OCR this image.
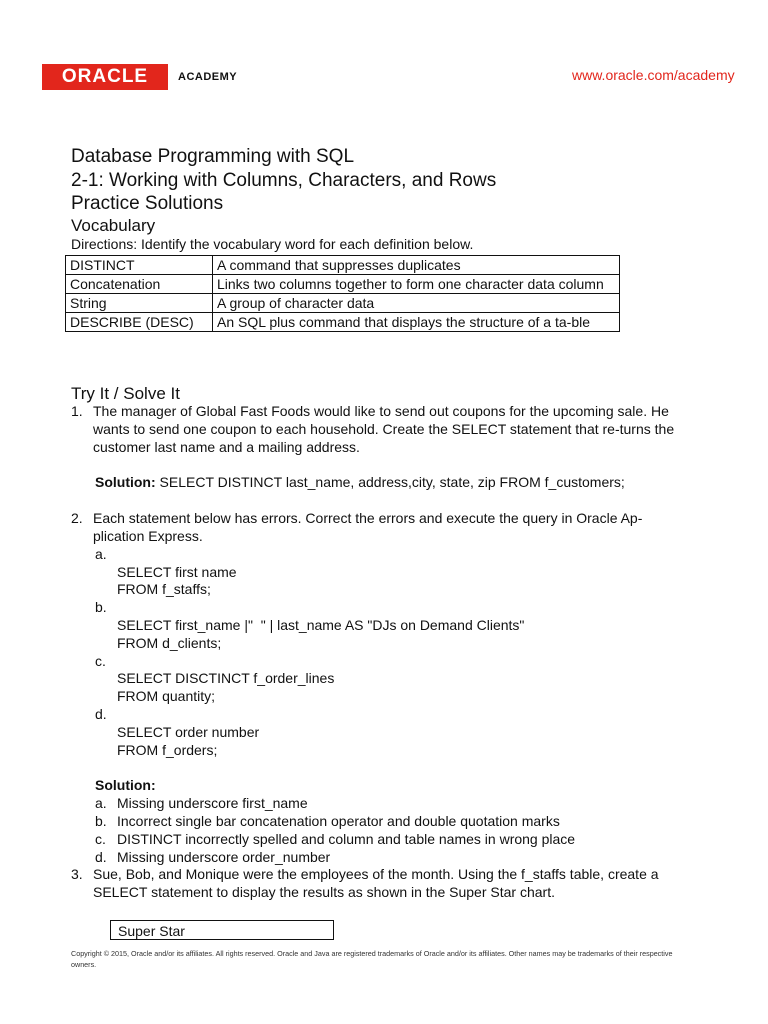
ORACLE	ACADEMY	www.oracle.com/academy
Database Programming with SQL
2-1: Working with Columns, Characters, and Rows
Practice Solutions
Vocabulary
Directions: Identify the vocabulary word for each definition below.
DISTINCT	A command that suppresses duplicates
Concatenation	Links two columns together to form one character data column
String	A group of character data
DESCRIBE (DESC)	An SQL plus command that displays the structure of a ta-ble
Try It / Solve It
1. The manager of Global Fast Foods would like to send out coupons for the upcoming sale. He wants to send one coupon to each household. Create the SELECT statement that re-turns the customer last name and a mailing address.
Solution: SELECT DISTINCT last_name, address,city, state, zip FROM f_customers;
2. Each statement below has errors. Correct the errors and execute the query in Oracle Ap-plication Express.
a.
SELECT first name
FROM f_staffs;
b.
SELECT first_name |"  " | last_name AS "DJs on Demand Clients"
FROM d_clients;
c.
SELECT DISCTINCT f_order_lines
FROM quantity;
d.
SELECT order number
FROM f_orders;
Solution:
a. Missing underscore first_name
b. Incorrect single bar concatenation operator and double quotation marks
c. DISTINCT incorrectly spelled and column and table names in wrong place
d. Missing underscore order_number
3. Sue, Bob, and Monique were the employees of the month. Using the f_staffs table, create a SELECT statement to display the results as shown in the Super Star chart.
Super Star
Copyright © 2015, Oracle and/or its affiliates. All rights reserved. Oracle and Java are registered trademarks of Oracle and/or its affiliates. Other names may be trademarks of their respective owners.
